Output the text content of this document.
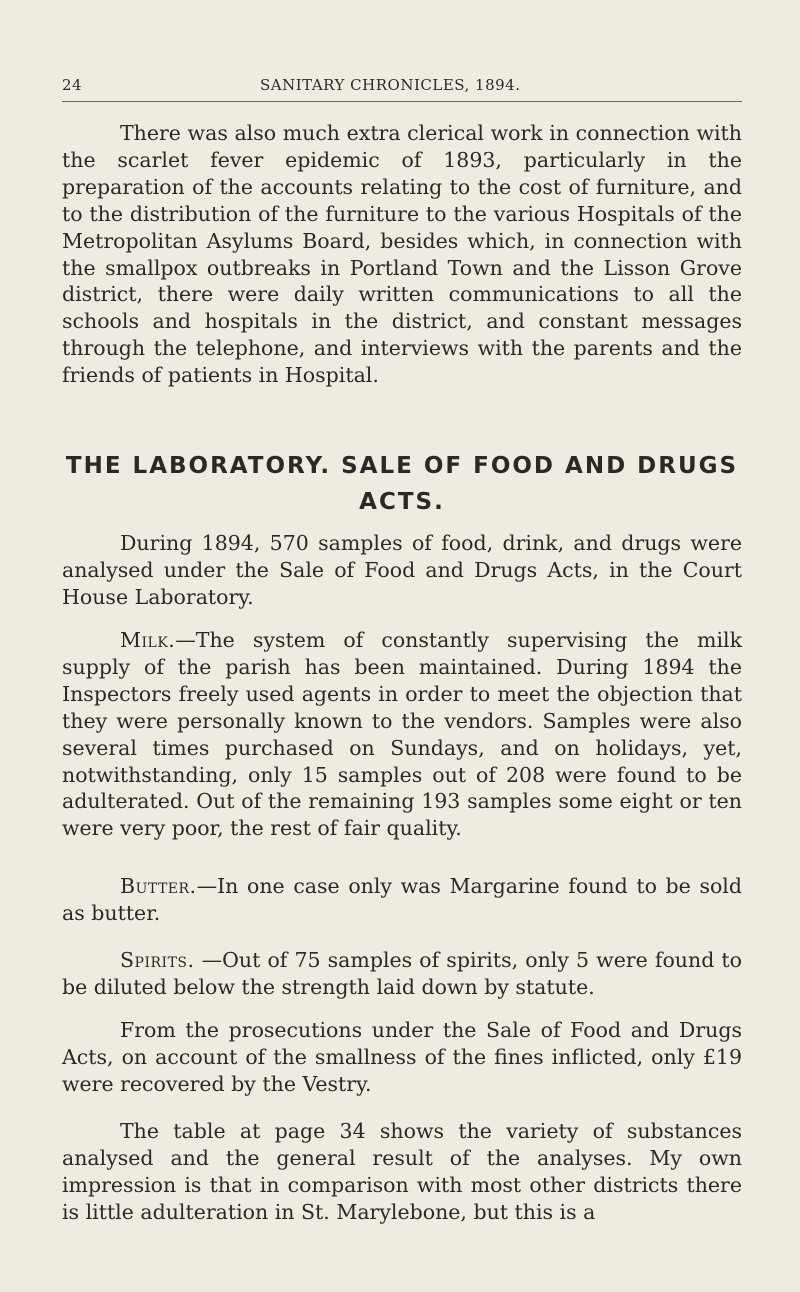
24	SANITARY CHRONICLES, 1894.

There was also much extra clerical work in connection with the scarlet fever epidemic of 1893, particularly in the preparation of the accounts relating to the cost of furniture, and to the distribution of the furniture to the various Hospitals of the Metropolitan Asylums Board, besides which, in connection with the smallpox outbreaks in Portland Town and the Lisson Grove district, there were daily written communications to all the schools and hospitals in the district, and constant messages through the telephone, and interviews with the parents and the friends of patients in Hospital.

THE LABORATORY. SALE OF FOOD AND DRUGS ACTS.

During 1894, 570 samples of food, drink, and drugs were analysed under the Sale of Food and Drugs Acts, in the Court House Laboratory.

Milk.—The system of constantly supervising the milk supply of the parish has been maintained. During 1894 the Inspectors freely used agents in order to meet the objection that they were personally known to the vendors. Samples were also several times purchased on Sundays, and on holidays, yet, notwithstanding, only 15 samples out of 208 were found to be adulterated. Out of the remaining 193 samples some eight or ten were very poor, the rest of fair quality.

Butter.—In one case only was Margarine found to be sold as butter.

Spirits. —Out of 75 samples of spirits, only 5 were found to be diluted below the strength laid down by statute.

From the prosecutions under the Sale of Food and Drugs Acts, on account of the smallness of the fines inflicted, only £19 were recovered by the Vestry.

The table at page 34 shows the variety of substances analysed and the general result of the analyses. My own impression is that in comparison with most other districts there is little adulteration in St. Marylebone, but this is a
